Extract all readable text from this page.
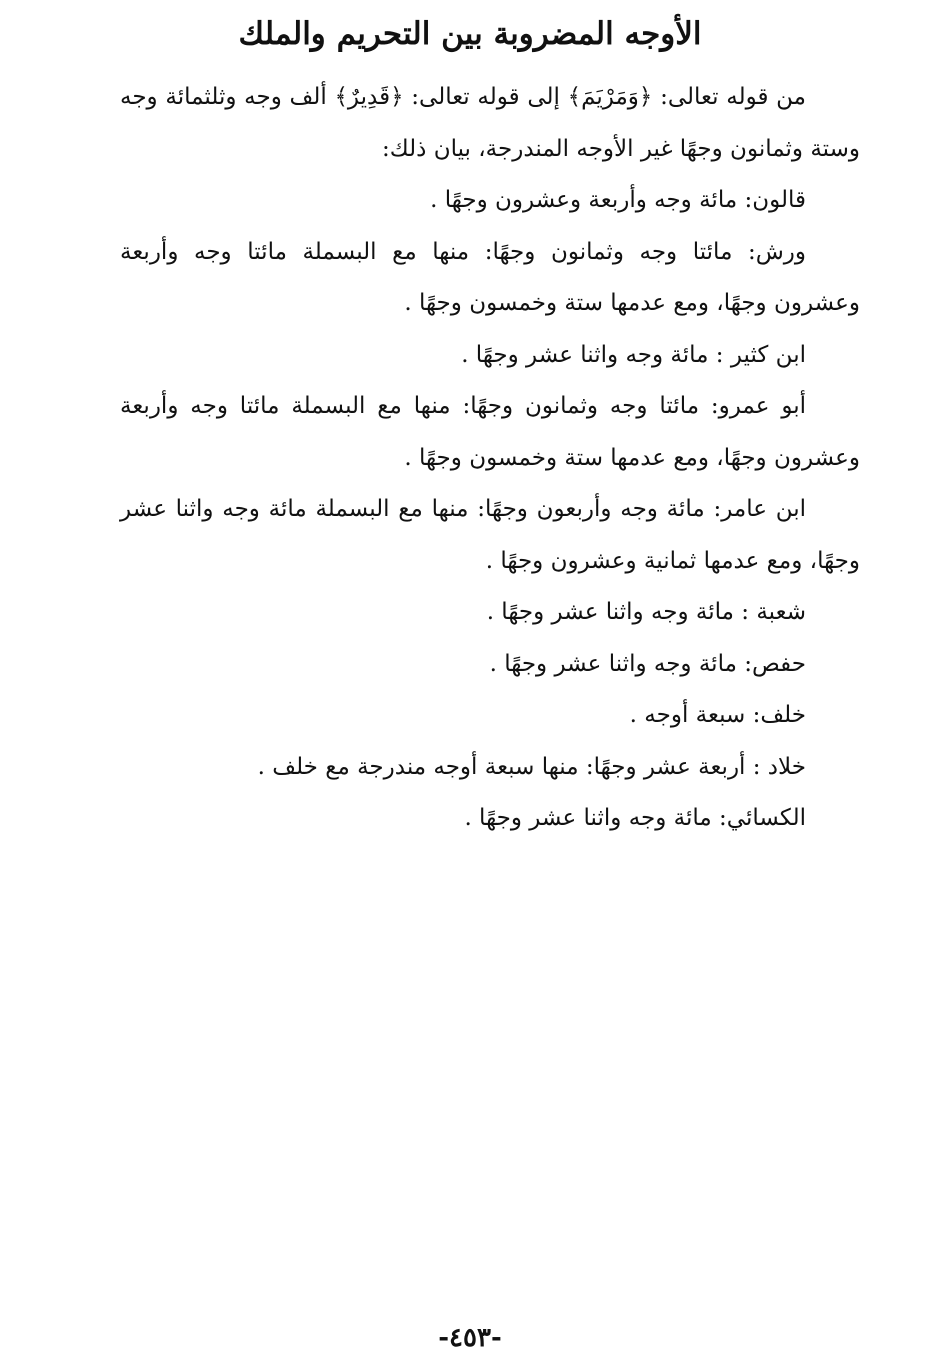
الأوجه المضروبة بين التحريم والملك

من قوله تعالى: ﴿وَمَرْيَمَ﴾ إلى قوله تعالى: ﴿قَدِيرٌ﴾ ألف وجه وثلثمائة وجه وستة وثمانون وجهًا غير الأوجه المندرجة، بيان ذلك:

قالون: مائة وجه وأربعة وعشرون وجهًا .

ورش: مائتا وجه وثمانون وجهًا: منها مع البسملة مائتا وجه وأربعة وعشرون وجهًا، ومع عدمها ستة وخمسون وجهًا .

ابن كثير : مائة وجه واثنا عشر وجهًا .

أبو عمرو: مائتا وجه وثمانون وجهًا: منها مع البسملة مائتا وجه وأربعة وعشرون وجهًا، ومع عدمها ستة وخمسون وجهًا .

ابن عامر: مائة وجه وأربعون وجهًا: منها مع البسملة مائة وجه واثنا عشر وجهًا، ومع عدمها ثمانية وعشرون وجهًا .

شعبة : مائة وجه واثنا عشر وجهًا .

حفص: مائة وجه واثنا عشر وجهًا .

خلف: سبعة أوجه .

خلاد : أربعة عشر وجهًا: منها سبعة أوجه مندرجة مع خلف .

الكسائي: مائة وجه واثنا عشر وجهًا .

-٤٥٣-
